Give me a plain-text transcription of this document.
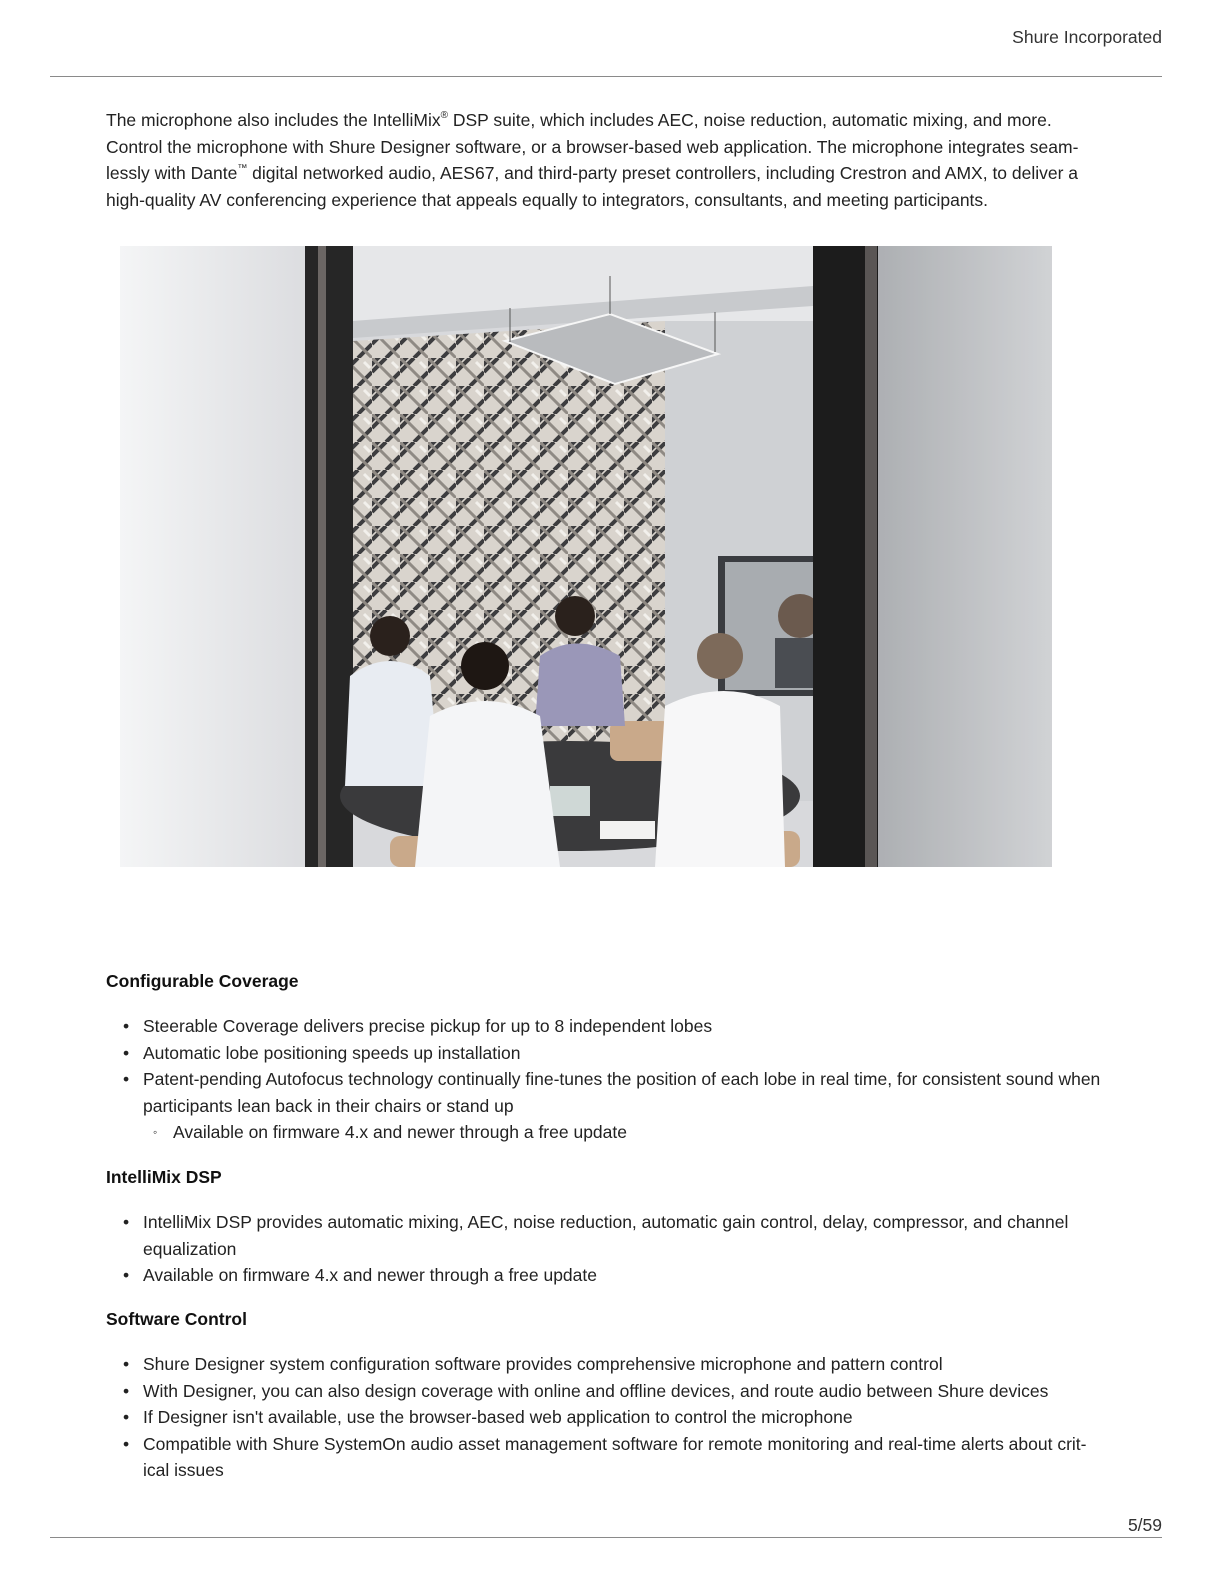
Shure Incorporated

The microphone also includes the IntelliMix® DSP suite, which includes AEC, noise reduction, automatic mixing, and more. Control the microphone with Shure Designer software, or a browser-based web application. The microphone integrates seamlessly with Dante™ digital networked audio, AES67, and third-party preset controllers, including Crestron and AMX, to deliver a high-quality AV conferencing experience that appeals equally to integrators, consultants, and meeting participants.

Configurable Coverage
• Steerable Coverage delivers precise pickup for up to 8 independent lobes
• Automatic lobe positioning speeds up installation
• Patent-pending Autofocus technology continually fine-tunes the position of each lobe in real time, for consistent sound when participants lean back in their chairs or stand up
◦ Available on firmware 4.x and newer through a free update
IntelliMix DSP
• IntelliMix DSP provides automatic mixing, AEC, noise reduction, automatic gain control, delay, compressor, and channel equalization
• Available on firmware 4.x and newer through a free update
Software Control
• Shure Designer system configuration software provides comprehensive microphone and pattern control
• With Designer, you can also design coverage with online and offline devices, and route audio between Shure devices
• If Designer isn't available, use the browser-based web application to control the microphone
• Compatible with Shure SystemOn audio asset management software for remote monitoring and real-time alerts about critical issues
5/59
